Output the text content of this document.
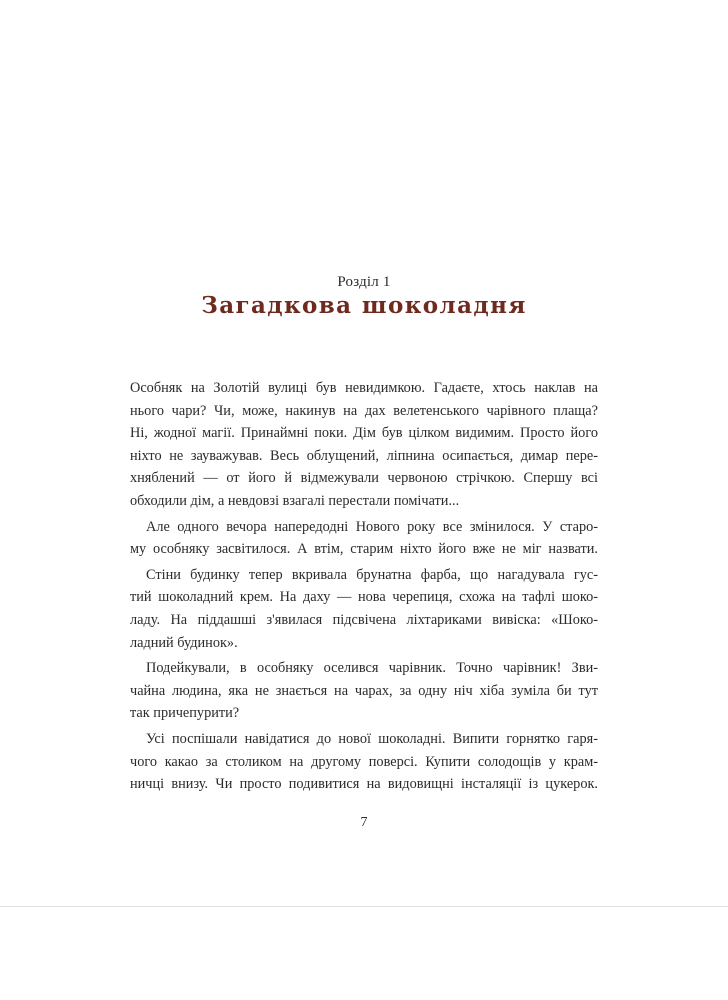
Розділ 1
Загадкова шоколадня
Особняк на Золотій вулиці був невидимкою. Гадаєте, хтось наклав на
нього чари? Чи, може, накинув на дах велетенського чарівного плаща?
Ні, жодної магії. Принаймні поки. Дім був цілком видимим. Просто його
ніхто не зауважував. Весь облущений, ліпнина осипається, димар пере-
хняблений — от його й відмежували червоною стрічкою. Спершу всі
обходили дім, а невдовзі взагалі перестали помічати...
Але одного вечора напередодні Нового року все змінилося. У старо-
му особняку засвітилося. А втім, старим ніхто його вже не міг назвати.
Стіни будинку тепер вкривала брунатна фарба, що нагадувала гус-
тий шоколадний крем. На даху — нова черепиця, схожа на тафлі шоко-
ладу. На піддашші з'явилася підсвічена ліхтариками вивіска: «Шоко-
ладний будинок».
Подейкували, в особняку оселився чарівник. Точно чарівник! Зви-
чайна людина, яка не знається на чарах, за одну ніч хіба зуміла би тут
так причепурити?
Усі поспішали навідатися до нової шоколадні. Випити горнятко гаря-
чого какао за столиком на другому поверсі. Купити солодощів у крам-
ничці внизу. Чи просто подивитися на видовищні інсталяції із цукерок.
7
